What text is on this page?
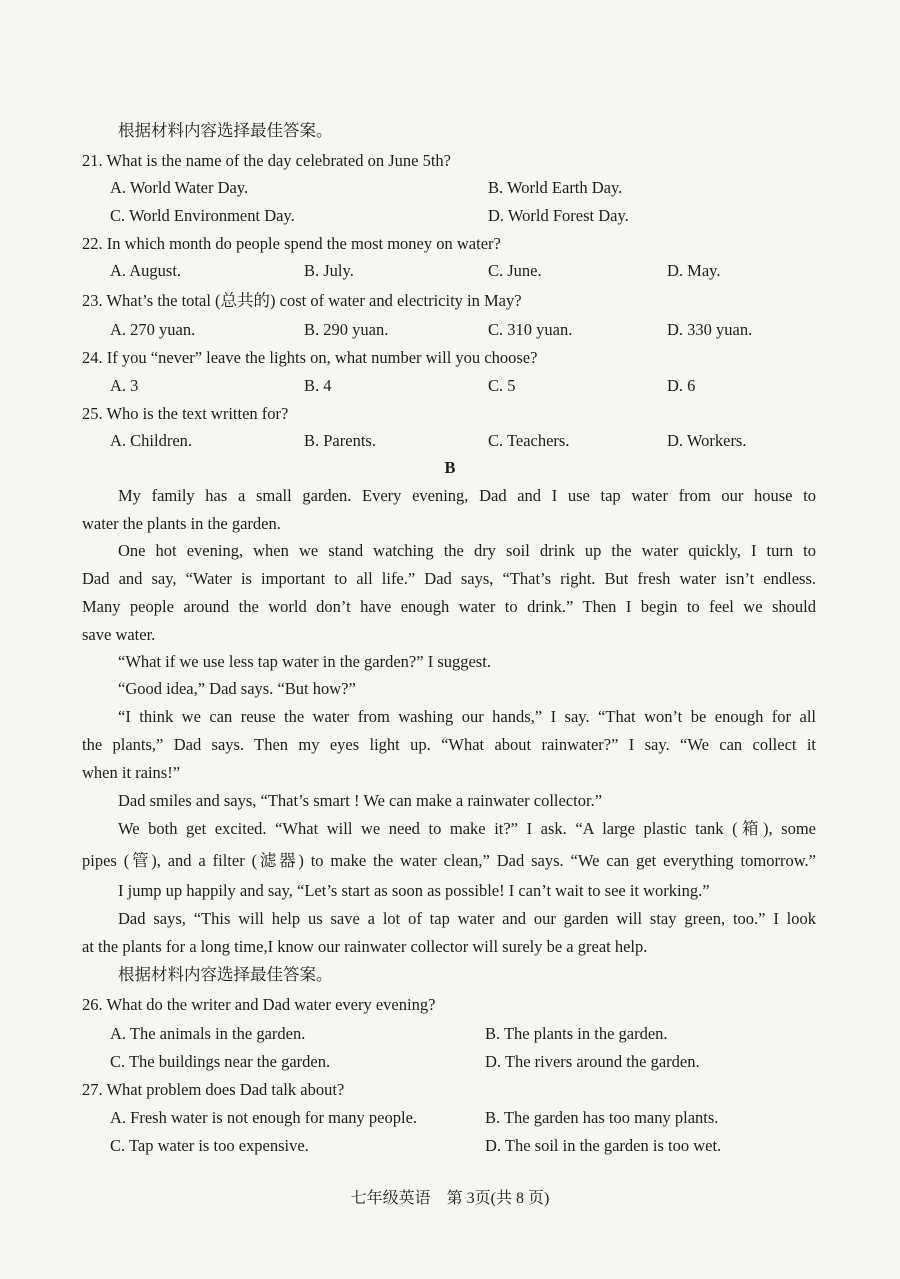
根据材料内容选择最佳答案。
21. What is the name of the day celebrated on June 5th?
A. World Water Day.	B. World Earth Day.
C. World Environment Day.	D. World Forest Day.
22. In which month do people spend the most money on water?
A. August.	B. July.	C. June.	D. May.
23. What’s the total (总共的) cost of water and electricity in May?
A. 270 yuan.	B. 290 yuan.	C. 310 yuan.	D. 330 yuan.
24. If you “never” leave the lights on, what number will you choose?
A. 3	B. 4	C. 5	D. 6
25. Who is the text written for?
A. Children.	B. Parents.	C. Teachers.	D. Workers.
B
My family has a small garden. Every evening, Dad and I use tap water from our house to
water the plants in the garden.
One hot evening, when we stand watching the dry soil drink up the water quickly, I turn to
Dad and say, “Water is important to all life.” Dad says, “That’s right. But fresh water isn’t endless.
Many people around the world don’t have enough water to drink.” Then I begin to feel we should
save water.
“What if we use less tap water in the garden?” I suggest.
“Good idea,” Dad says. “But how?”
“I think we can reuse the water from washing our hands,” I say. “That won’t be enough for all
the plants,” Dad says. Then my eyes light up. “What about rainwater?” I say. “We can collect it
when it rains!”
Dad smiles and says, “That’s smart ! We can make a rainwater collector.”
We both get excited. “What will we need to make it?” I ask. “A large plastic tank (箱), some
pipes (管), and a filter (滤器) to make the water clean,” Dad says. “We can get everything tomorrow.”
I jump up happily and say, “Let’s start as soon as possible! I can’t wait to see it working.”
Dad says, “This will help us save a lot of tap water and our garden will stay green, too.” I look
at the plants for a long time,I know our rainwater collector will surely be a great help.
根据材料内容选择最佳答案。
26. What do the writer and Dad water every evening?
A. The animals in the garden.	B. The plants in the garden.
C. The buildings near the garden.	D. The rivers around the garden.
27. What problem does Dad talk about?
A. Fresh water is not enough for many people.	B. The garden has too many plants.
C. Tap water is too expensive.	D. The soil in the garden is too wet.
七年级英语　第 3页(共 8 页)
